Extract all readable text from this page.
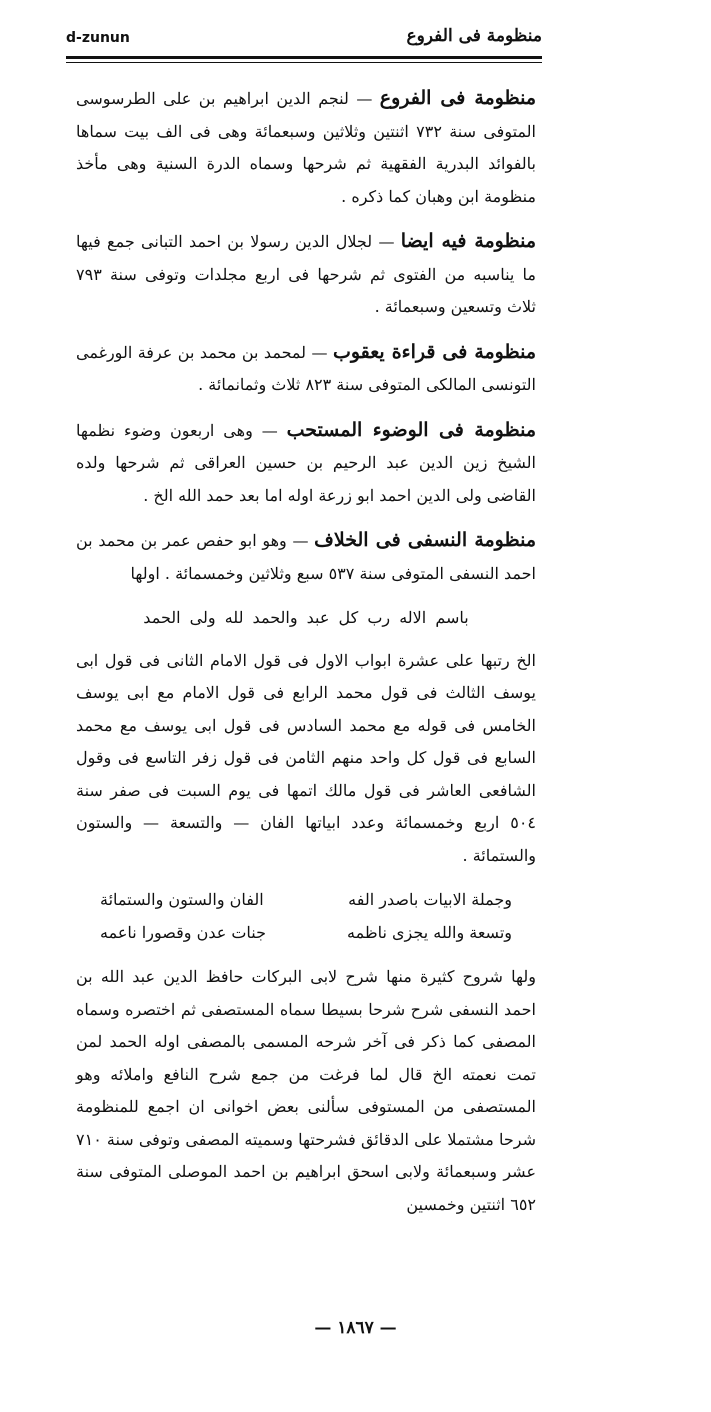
d-zunun	منظومة فى الفروع

منظومة فى الفروع — لنجم الدين ابراهيم بن على الطرسوسى المتوفى سنة ٧٣٢ اثنتين وثلاثين وسبعمائة وهى فى الف بيت سماها بالفوائد البدرية الفقهية ثم شرحها وسماه الدرة السنية وهى مأخذ منظومة ابن وهبان كما ذكره .

منظومة فيه ايضا — لجلال الدين رسولا بن احمد التبانى جمع فيها ما يناسبه من الفتوى ثم شرحها فى اربع مجلدات وتوفى سنة ٧٩٣ ثلاث وتسعين وسبعمائة .

منظومة فى قراءة يعقوب — لمحمد بن محمد بن عرفة الورغمى التونسى المالكى المتوفى سنة ٨٢٣ ثلاث وثمانمائة .

منظومة فى الوضوء المستحب — وهى اربعون وضوء نظمها الشيخ زين الدين عبد الرحيم بن حسين العراقى ثم شرحها ولده القاضى ولى الدين احمد ابو زرعة اوله اما بعد حمد الله الخ .

منظومة النسفى فى الخلاف — وهو ابو حفص عمر بن محمد بن احمد النسفى المتوفى سنة ٥٣٧ سبع وثلاثين وخمسمائة . اولها

باسم الاله رب كل عبد والحمد لله ولى الحمد

الخ رتبها على عشرة ابواب الاول فى قول الامام الثانى فى قول ابى يوسف الثالث فى قول محمد الرابع فى قول الامام مع ابى يوسف الخامس فى قوله مع محمد السادس فى قول ابى يوسف مع محمد السابع فى قول كل واحد منهم الثامن فى قول زفر التاسع فى وقول الشافعى العاشر فى قول مالك اتمها فى يوم السبت فى صفر سنة ٥٠٤ اربع وخمسمائة وعدد ابياتها الفان — والتسعة — والستون والستمائة .

وجملة الابيات باصدر الفه
الفان والستون والستمائة
وتسعة والله يجزى ناظمه
جنات عدن وقصورا ناعمه

ولها شروح كثيرة منها شرح لابى البركات حافظ الدين عبد الله بن احمد النسفى شرح شرحا بسيطا سماه المستصفى ثم اختصره وسماه المصفى كما ذكر فى آخر شرحه المسمى بالمصفى اوله الحمد لمن تمت نعمته الخ قال لما فرغت من جمع شرح النافع واملائه وهو المستصفى من المستوفى سألنى بعض اخوانى ان اجمع للمنظومة شرحا مشتملا على الدقائق فشرحتها وسميته المصفى وتوفى سنة ٧١٠ عشر وسبعمائة ولابى اسحق ابراهيم بن احمد الموصلى المتوفى سنة ٦٥٢ اثنتين وخمسين

— ١٨٦٧ —
